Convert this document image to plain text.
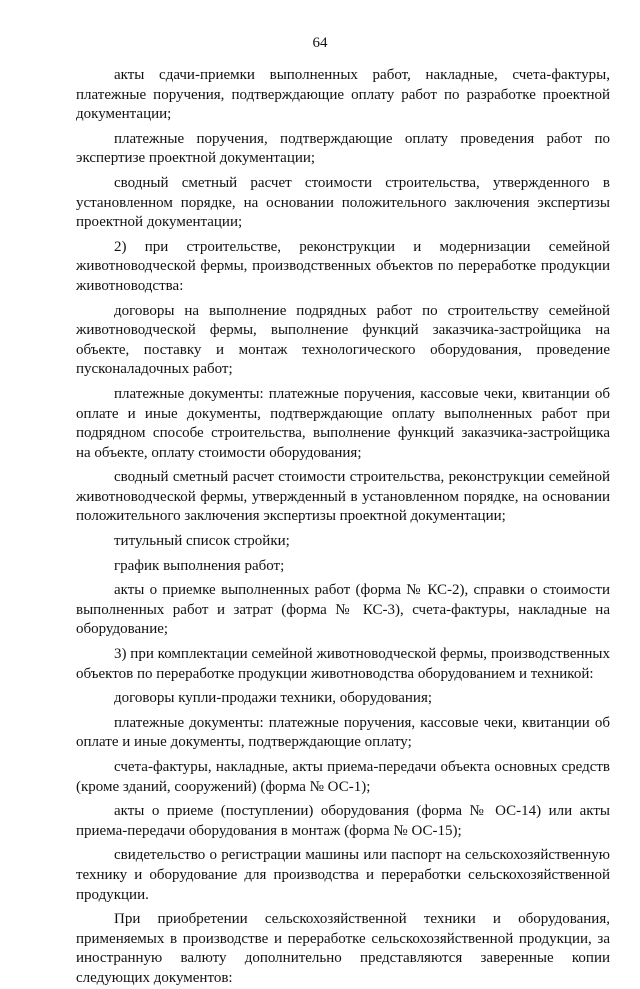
64

акты сдачи-приемки выполненных работ, накладные, счета-фактуры, платежные поручения, подтверждающие оплату работ по разработке проектной документации;

платежные поручения, подтверждающие оплату проведения работ по экспертизе проектной документации;

сводный сметный расчет стоимости строительства, утвержденного в установленном порядке, на основании положительного заключения экспертизы проектной документации;

2) при строительстве, реконструкции и модернизации семейной животноводческой фермы, производственных объектов по переработке продукции животноводства:

договоры на выполнение подрядных работ по строительству семейной животноводческой фермы, выполнение функций заказчика-застройщика на объекте, поставку и монтаж технологического оборудования, проведение пусконаладочных работ;

платежные документы: платежные поручения, кассовые чеки, квитанции об оплате и иные документы, подтверждающие оплату выполненных работ при подрядном способе строительства, выполнение функций заказчика-застройщика на объекте, оплату стоимости оборудования;

сводный сметный расчет стоимости строительства, реконструкции семейной животноводческой фермы, утвержденный в установленном порядке, на основании положительного заключения экспертизы проектной документации;

титульный список стройки;

график выполнения работ;

акты о приемке выполненных работ (форма № КС-2), справки о стоимости выполненных работ и затрат (форма № КС-3), счета-фактуры, накладные на оборудование;

3) при комплектации семейной животноводческой фермы, производственных объектов по переработке продукции животноводства оборудованием и техникой:

договоры купли-продажи техники, оборудования;

платежные документы: платежные поручения, кассовые чеки, квитанции об оплате и иные документы, подтверждающие оплату;

счета-фактуры, накладные, акты приема-передачи объекта основных средств (кроме зданий, сооружений) (форма № ОС-1);

акты о приеме (поступлении) оборудования (форма № ОС-14) или акты приема-передачи оборудования в монтаж (форма № ОС-15);

свидетельство о регистрации машины или паспорт на сельскохозяйственную технику и оборудование для производства и переработки сельскохозяйственной продукции.

При приобретении сельскохозяйственной техники и оборудования, применяемых в производстве и переработке сельскохозяйственной продукции, за иностранную валюту дополнительно представляются заверенные копии следующих документов:
